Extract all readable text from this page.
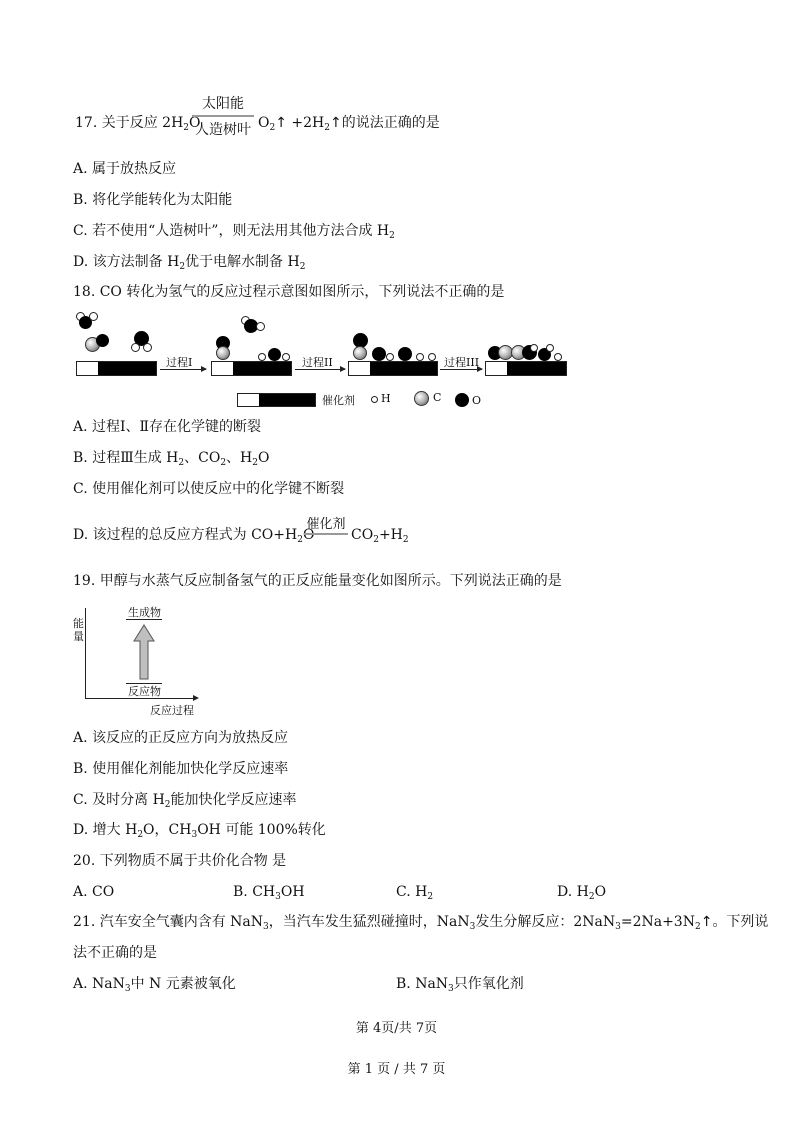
17. 关于反应 $2H_2O$
太阳能
人造树叶 $O_2↑$ $+2H_2↑$的说法正确的是
A. 属于放热反应
B. 将化学能转化为太阳能
C. 若不使用“人造树叶”，则无法用其他方法合成 $H_2$
D. 该方法制备 $H_2$优于电解水制备 $H_2$
18. CO 转化为氢气的反应过程示意图如图所示，下列说法不正确的是
过程I	过程II	过程III
催化剂 H	C	O
A. 过程Ⅰ、Ⅱ存在化学键的断裂
B. 过程Ⅲ生成 $H_2$、$CO_2$、$H_2O$
C. 使用催化剂可以使反应中的化学键不断裂
D. 该过程的总反应方程式为 $CO+H_2O$
催化剂
$CO_2+H_2$
19. 甲醇与水蒸气反应制备氢气的正反应能量变化如图所示。下列说法正确的是
能量
反应过程
生成物
反应物
A. 该反应的正反应方向为放热反应
B. 使用催化剂能加快化学反应速率
C. 及时分离 $H_2$能加快化学反应速率
D. 增大 $H_2O$，$CH_3OH$ 可能 100%转化
20. 下列物质不属于共价化合物 是
A. CO	B. $CH_3OH$	C. $H_2$	D. $H_2O$
21. 汽车安全气囊内含有 NaN$_3$，当汽车发生猛烈碰撞时，NaN$_3$发生分解反应：$2NaN_3=2Na+3N_2↑$。下列说
法不正确的是
A. NaN$_3$中 N 元素被氧化	B. NaN$_3$只作氧化剂
第 4页/共 7页
第 1 页 / 共 7 页
